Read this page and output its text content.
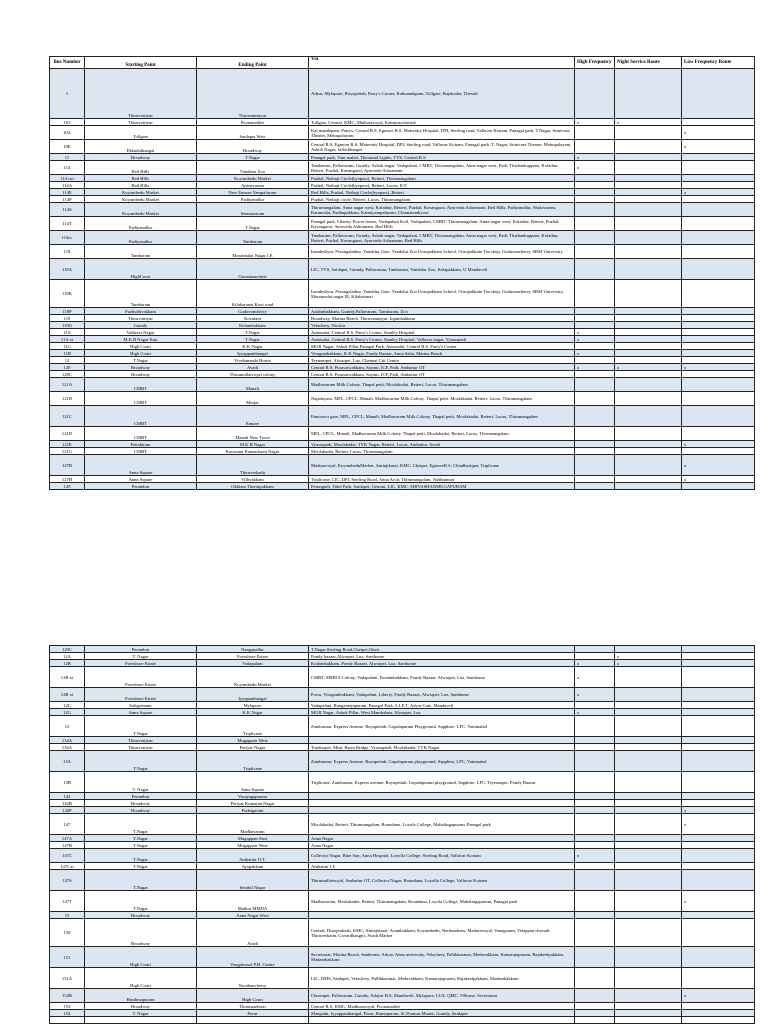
Bus Number	Starting Point	Ending Point	Via	High Frequency	Night Service Route	Low Frequency Route
1	Thiruvottiyur	Thiruvanmiyur	Adyar, Mylapore, Royapettah, Parry's Corner, Kalmandapam, Tollgate, Rajakadai, Theradi			
101	Thiruvottiyur	Poonamallee	Tollgate, Central, KMC, Mathuravoyal, Kannyanchavadi	x	x	
10A	Tollgate	Saidapet West	Kal mandapam, Parrys, Central R.S, Egmore R.S, Maternity Hospital, DPI, Sterling road, Valluvar Kottam, Panagal park, T.Nagar, Srinivasa Theater, Mettupalayam			x
10E	Ekkaduthangal	Broadway	Central R.S, Egmore R.S, Maternity Hospital, DPI, Sterling road, Valluvar Kottam, Panagal park, T. Nagar, Srinivasa Theater, Mettupalayam, Ashok Nagar, Jaffarkhanpet			x
11	Broadway	T.Nagar	Panagal park, Vani mahal, Thousand Lights, TVS, Central R.S	x		
114	Red Hills	Vandalur Zoo	Tambaram, Pallavaram, Guindy, Ashok nagar, Vadapalani, CMBT, Thirumangalam, Anna nagar west, Padi, Thathankuppam, Kolathur, Retteri, Puzhal, Kavangarai, Ayurveda Ashramam	x		
114 cut	Red Hills	Koyambedu Market	Puzhal, Nethaji Circle(byepass), Retteri, Thirumangalam			
114A	Red Hills	Ayanavaram	Puzhal, Nethaji Circle(byepass), Retteri, Lucas, ICF			
114E	Koyambedu Market	New Ennore Vampalayam	Red Hills, Puzhal, Nethaji Circle(byepass), Retteri			x
114P	Koyambedu Market	Padiyanallur	Puzhal, Nethaji circle, Retteri, Lucas, Thirumangalam			
114S	Koyambedu Market	Seemavaram	Thirumangalam, Anna nagar west, Kolathur, Retteri, Puzhal, Kavangarai, Ayurveda Ashramam, Red Hills, Padiyanallur, Sholavaram, Karanodai, Pudhupakkam, Kanniyampalayam, Chinnamadiyoor			
114T	Padiyanallur	T.Nagar	Panagal park, Liberty, Power house, Vadapalani Koil, Vadapalani, CMBT, Thirumangalam, Anna nagar west, Kolathur, Retteri, Puzhal, Kavangarai, Ayurveda Ashramam, Red Hills			
114cc	Padiyanallur	Tambaram	Tambaram, Pallavaram, Guindy, Ashok nagar, Vadapalani, CMBT, Thirumangalam, Anna nagar west, Padi, Thathankuppam, Kolathur, Retteri, Puzhal, Kavangarai, Ayurveda Ashramam, Red Hills			
118	Tambaram	Maraimalai Nagar I.E	Irumbuliyur, Perungalathur, Vandalur Gate, Vandalur Zoo,Ooropakkam School, Ooropakkam Tea shop, Guduvancherry, SRM University			
118A	HighCourt	Oorantaancheri	LIC, TVS, Saidapet, Guindy, Pallavaram, Tambaram, Vandalur Zoo, Kelapakkam, U Mandaveli			
118K	Tambaram	Kilakaranai Koot road	Irumbuliyur, Perungalathur, Vandalur Gate, Vandalur Zoo,Ooropakkam School, Ooropakkam Tea shop, Guduvancherry, SRM University, Maraimalai nagar IE, Kilakaranai			
118P	Puzhuthivakkam	Guduvancherry	Aadambakkam, Guindy,Pallavaram, Tambaram, Zoo			
119	Thiruvottiyur	Kovalam	Broadway, Marina Beach, Thiruvanmiyur, Injambakkam			
119G	Guindy	Kelambakkam	Velachery, Nicolar			
11A	Valluvar Nagar	T.Nagar	Annasalai, Central R.S, Parry's Corner, Stanley Hospital	x		
11A xt	M.K.B Nagar East	T.Nagar	Annasalai, Central R.S, Parry's Corner, Stanley Hospital, Valluvar nagar, Vyasarpadi	x		
11G	High Court	K.K Nagar	MGR Nagar, Ashok Pillar,Panagal Park, Annasalai, Central R.S, Parry's Corner			
11H	High Court	Iyyappanthangal	Virugambakkam, K.K Nagar, Pondy Bazaar, Anna Salai, Marina Beach	x		
12	T.Nagar	Vivekananda House	Teynampet, Alwarpet, Luz, Chennai Citi Centre			
120	Broadway	Avadi	Central R.S, Purasaiwakkam, Sayani, ICF, Padi, Ambattur OT	x	x	x
120C	Broadway	Thirumullaivoyal colony	Central R.S, Purasaiwakkam, Sayani, ICF, Padi, Ambattur OT			
121A	CMBT	Manali	Madhavaram Milk Colony, Thapal petti, Moolakadai, Retteri, Lucas, Thirumangalam			
121B	CMBT	Minjur	Napalayam, MFL, CPCL, Manali, Madhavaram Milk Colony, Thapal petti, Moolakadai, Retteri, Lucas, Thirumangalam			
121C	CMBT	Ennore	Ennovoor gate, MFL, CPCL, Manali, Madhavaram Milk Colony, Thapal petti, Moolakadai, Retteri, Lucas, Thirumangalam			
121D	CMBT	Manali New Town	MFL, CPCL, Manali, Madhavaram Milk Colony, Thapal petti, Moolakadai, Retteri, Lucas, Thirumangalam			
121E	Pattabiram	M.K.B Nagar	Vyasarpadi, Moolakadai, TVK Nagar, Retteri, Lucas, Ambattur, Avadi			x
121G	CMBT	Kavarana Kannadasan Nagar	Moolakadai, Retteri, Lucas, Thirumangalam			
127B	Anna Square	Thiruverkadu	Maduravoyal, KoyambeduMarket, Aminjikarai, KMC, Chetpet, EgmoreR.S, Chindhatripet, Triplicane			x
127H	Anna Square	Villivakkam	Triplicane, LIC, DPI, Sterling Road, Anna Arch, Thirumangalam, Nadhamuni			x
129	Perambur	Okkiam Thoraipakkam	Perungudi, Tidel Park, Saidapet, Gemini, LIC, KMC, SHIVASHANMUGAPURAM			
129C	Perambur	Nanganallur	T.Nagar,Sterling Road,Chetpet,Otteri			
12A	T. Nagar	Foreshore Estate	Pondy bazaar,Alwarpet, Luz, Santhome		x	
12B	Foreshore Estate	Vadapalani	Kodambakkam, Pondy Bazaar, Alwarpet, Luz, Santhome	x	x	
12B xt	Foreshore Estate	Koyambedu Market	CMBT, MMDA Colony, Vadapalani, Kodambakkam, Pondy Bazaar, Alwarpet, Luz, Santhome	x		
12B xt	Foreshore Estate	Iyyapanthangal	Porur, Virugambakkam, Vadapalani, Liberty, Pondy Bazaar, Alwarpet, Luz, Santhome	x		
12C	Saligramam	Mylapore	Vadapalani, Ranganrajapuram, Panagal Park, S.I.E.T, Adyar Gate, Mandaveli			
12G	Anna Square	K.K Nagar	MGR Nagar, Ashok Pillar, West Mambalam, Alwarpet, Luz	x		
13	T.Nagar	Triplicane	Zambazaar, Express Avenue, Royapettah, Gopalapuram Playground, Sapphire, LFC, Vanimahal			
134A	Thiruvottiyur	Mugappair West				
136A	Thiruvottiyur	Periyar Nagar	Tondiarpet, Mint, Basin Bridge, Vyasarpadi, Moolakadai, TVK Nagar			
13A	T.Nagar	Triplicane	Zambazaar, Express Avenue, Royapettah, Gopalapuram playground, Sapphire, LFC, Vanimahal			
13B	T. Nagar	Anna Square	Triplicane, Zambazaar, Express avenue, Royapettah, Gopalapuram playground, Sapphire, LFC, Teynampet, Pondy Bazzar			
142	Perambur	Vinayagapuram				
142B	Broadway	Periyar Kumaran Nagar				
142P	Broadway	Puthagaram				x
147	T.Nagar	Madhavaram	Moolakadai, Retteri, Thirumangalam, Roundana, Loyola College, Mahalingapuram, Panagal park			x
147A	T.Nagar	Mugappair East	Anna Nagar			
147B	T.Nagar	Mugappair West	Anna Nagar			
147C	T.Nagar	Ambattur O.T.	Collector Nagar, Blue Star, Anna Hospital, Loyolla College, Sterling Road, Valluvar Kottam	x		
147Cxt	T.Nagar	Ayapakkam	Ambattur I.E			
147S	T.Nagar	Senthil Nagar	Thirumullaivoyal, Ambattur OT, Collector Nagar, Roundana, Loyolla College, Valluvar Kottam			
147T	T.Nagar	Mathur MMDA	Madhavaram, Moolakadai, Retteri, Thirumangalam, Roundana, Loyola College, Mahalingapuram, Panagal park			x
15	Broadway	Anna Nagar West				
150	Broadway	Avadi	Central, Doasprakash, KMC, Aminjikarai, Arumbakkam, Koyambedu, Nerkundram, Maduravoyal, Vanagaram, Velappan chavadi, Thiruverkadu, Govardhangiri, Avadi Market			
151	High Court	Vengaivasal P.H. Centre	Secretariat, Marina Beach, Santhome, Adyar, Anna university, Velachery, Pallikkaranai, Medavakkam, Kamarajapuram, Rajakeelpakkam, Madambakkam			
151A	High Court	Noothancherry	LIC, DMS, Saidapet, Velachery, Pallikkaranai, Medavakkam, Kamarajapuram, Rajakeelpakkam, Madambakkam			
152B	Hasthinapuram	High Court	Chrompet, Pallavaram, Guindy, Adayar B.S, Mandaveli, Mylapore, LUZ, QMC, VHouse, Secretariat			x
153	Broadway	Thirumazhisai	Central R.S, KMC, Madhuravoyal, Poonamallee			
154	T. Nagar	Porur	Mangadu, Iyyappanthangal, Porur, Ramapuram, St.Thomas Mount, Guindy, Saidapet			
